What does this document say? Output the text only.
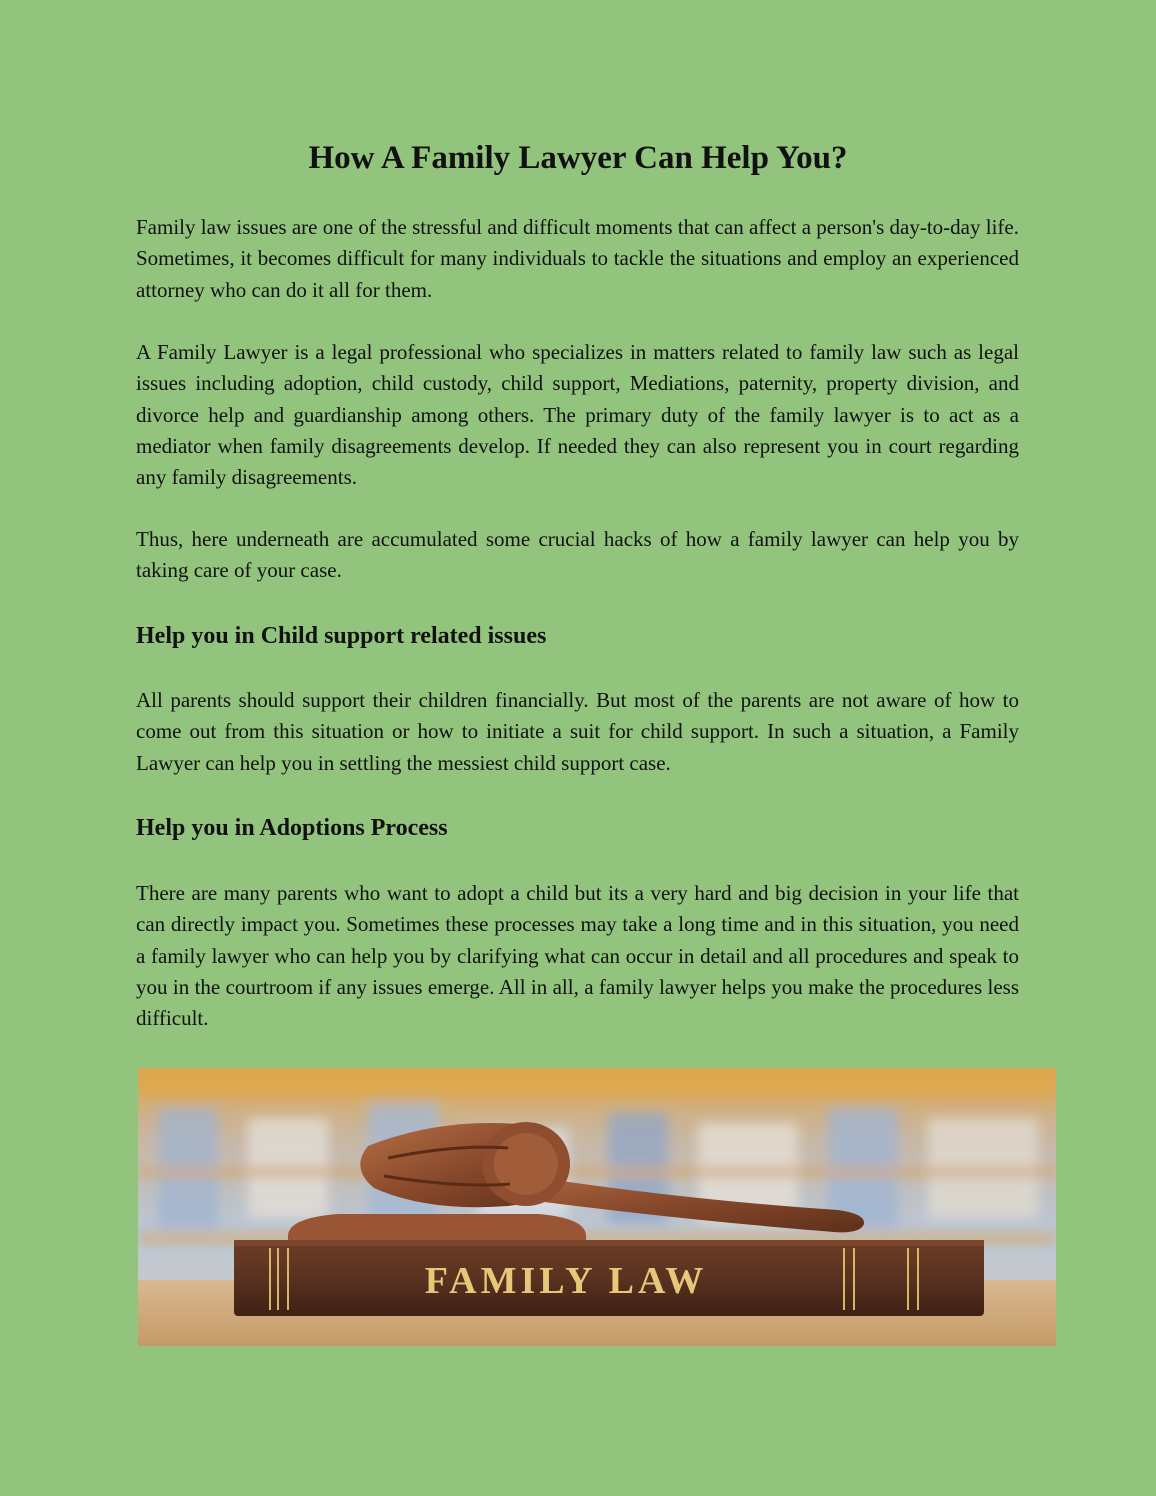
How A Family Lawyer Can Help You?

Family law issues are one of the stressful and difficult moments that can affect a person's day-to-day life. Sometimes, it becomes difficult for many individuals to tackle the situations and employ an experienced attorney who can do it all for them.

A Family Lawyer is a legal professional who specializes in matters related to family law such as legal issues including adoption, child custody, child support, Mediations, paternity, property division, and divorce help and guardianship among others. The primary duty of the family lawyer is to act as a mediator when family disagreements develop. If needed they can also represent you in court regarding any family disagreements.

Thus, here underneath are accumulated some crucial hacks of how a family lawyer can help you by taking care of your case.

Help you in Child support related issues

All parents should support their children financially. But most of the parents are not aware of how to come out from this situation or how to initiate a suit for child support. In such a situation, a Family Lawyer can help you in settling the messiest child support case.

Help you in Adoptions Process

There are many parents who want to adopt a child but its a very hard and big decision in your life that can directly impact you. Sometimes these processes may take a long time and in this situation, you need a family lawyer who can help you by clarifying what can occur in detail and all procedures and speak to you in the courtroom if any issues emerge. All in all, a family lawyer helps you make the procedures less difficult.

FAMILY LAW
